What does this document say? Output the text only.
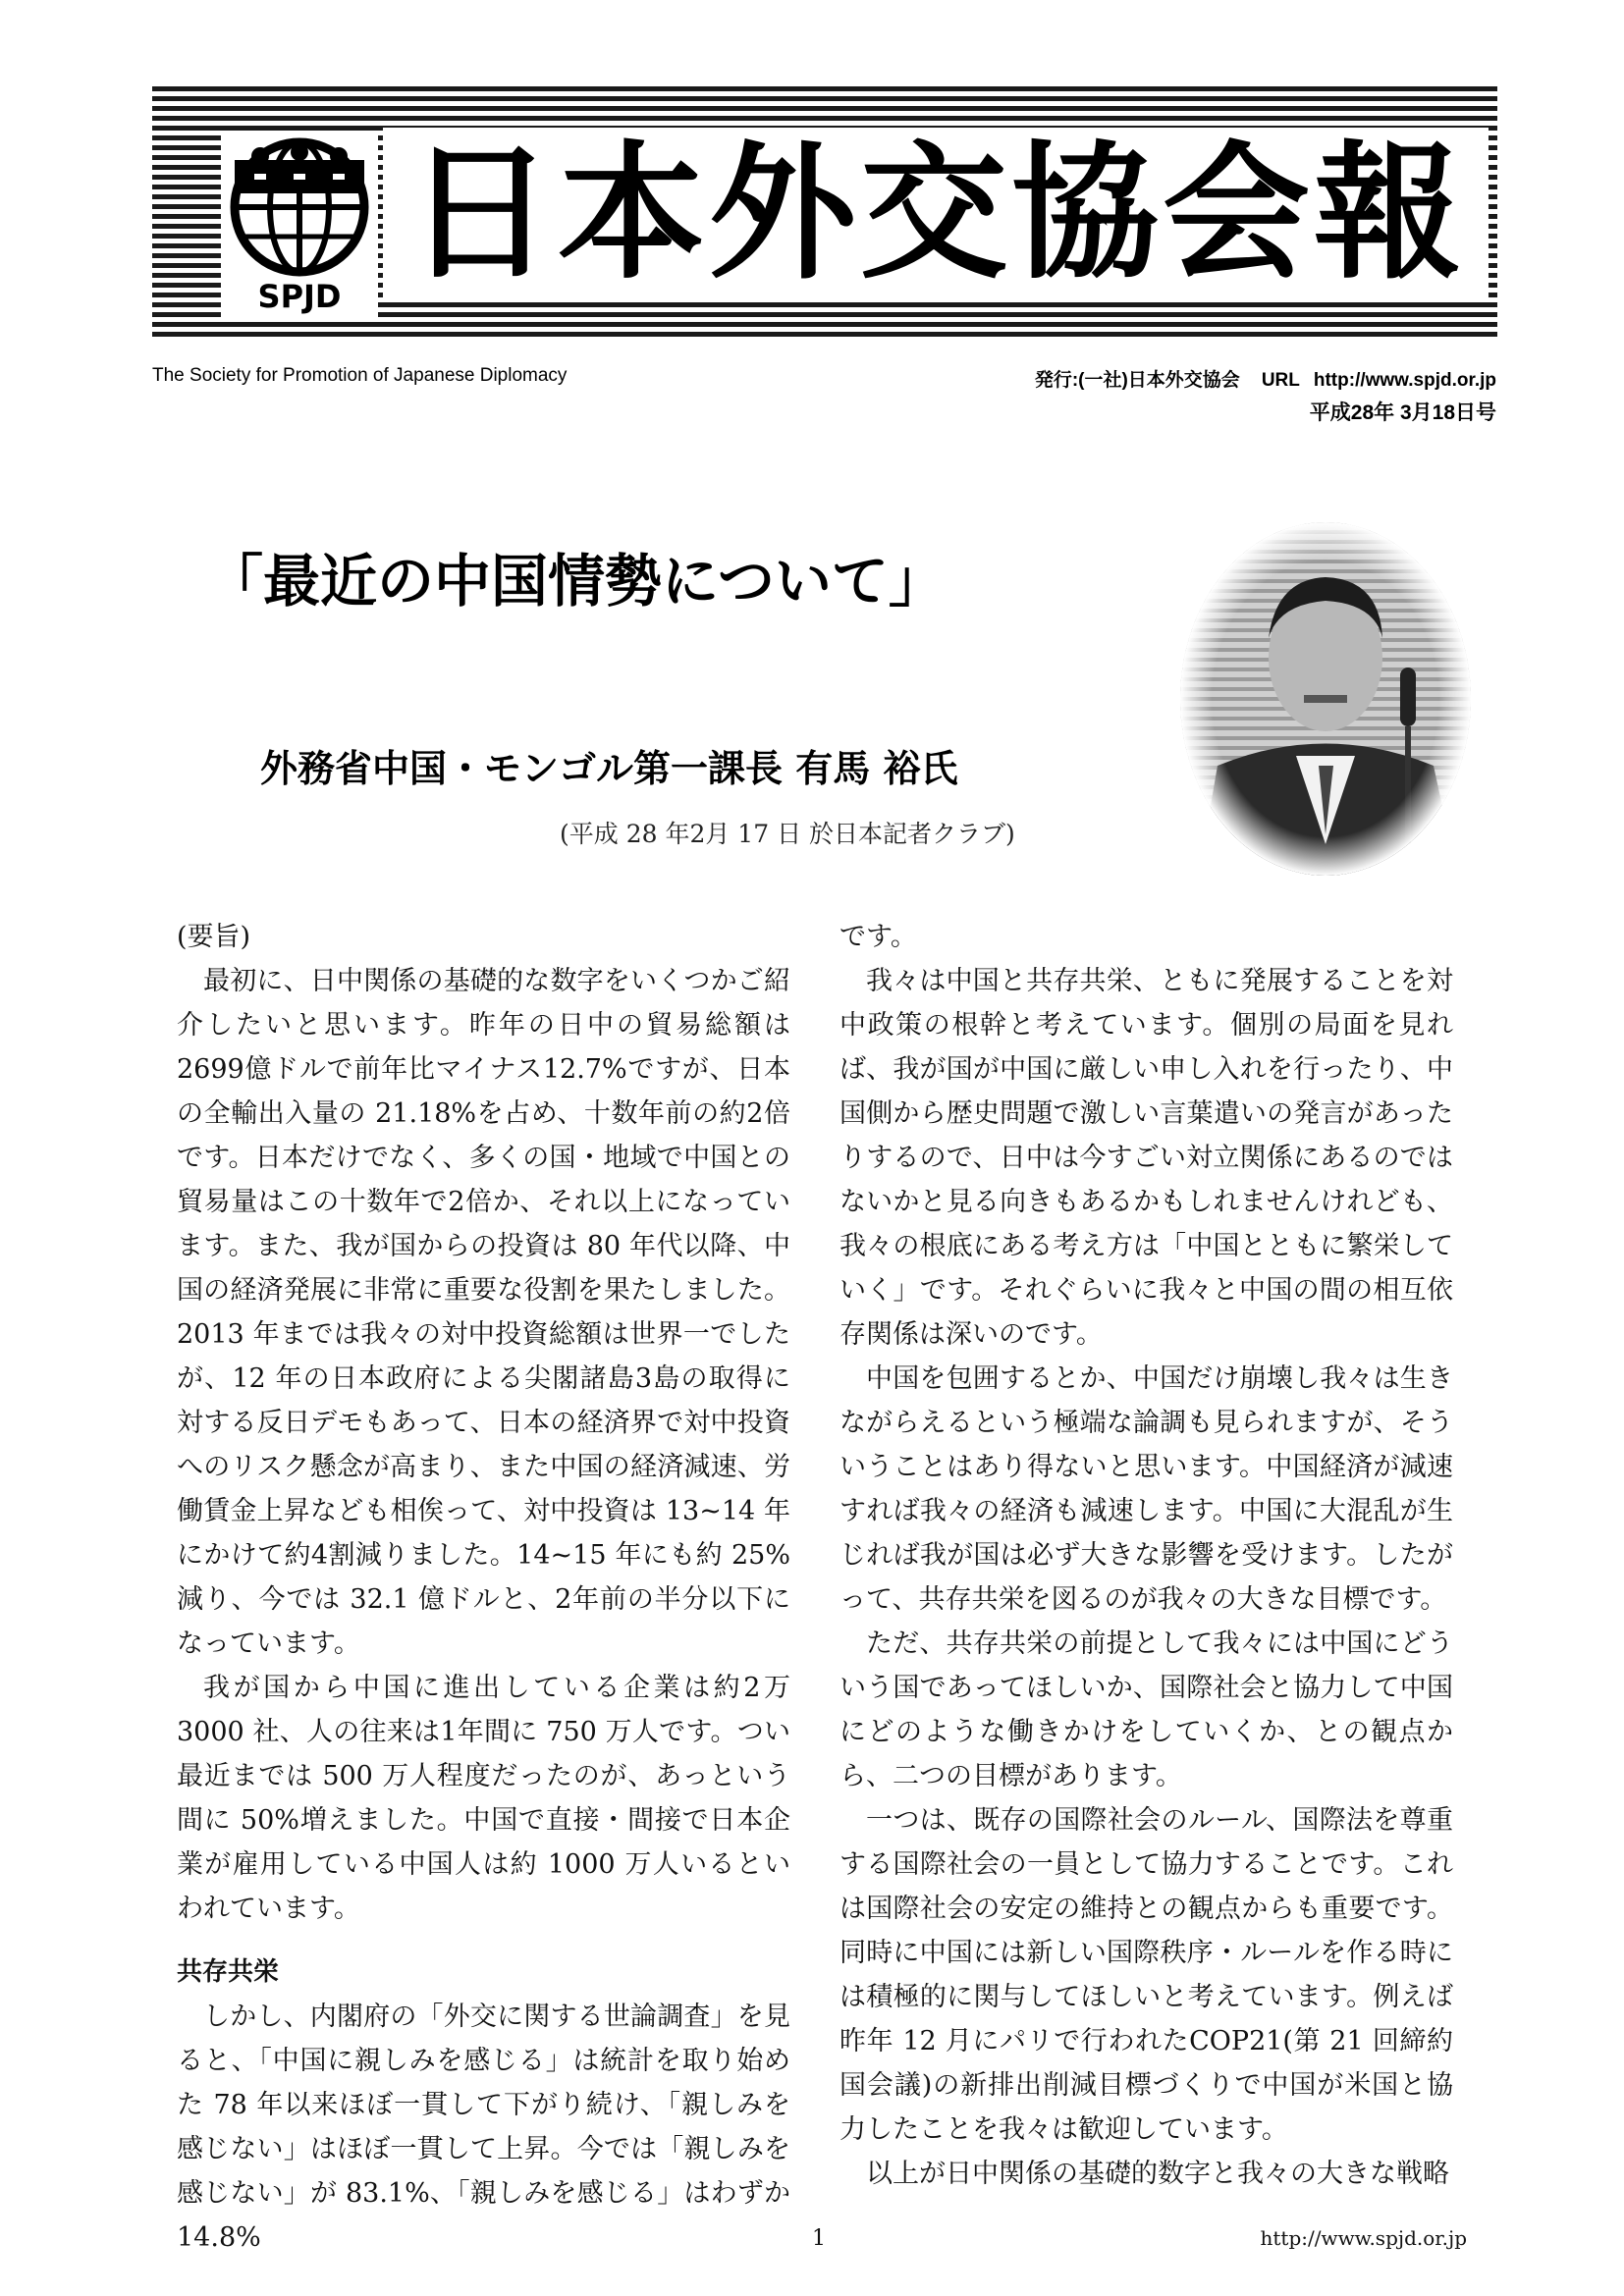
SPJD 日本外交協会報
The Society for Promotion of Japanese Diplomacy	発行:(一社)日本外交協会 URL http://www.spjd.or.jp
平成28年 3月18日号
「最近の中国情勢について」
外務省中国・モンゴル第一課長 有馬 裕氏
(平成 28 年2月 17 日 於日本記者クラブ)

(要旨)

最初に、日中関係の基礎的な数字をいくつかご紹介したいと思います。昨年の日中の貿易総額は2699億ドルで前年比マイナス12.7%ですが、日本の全輸出入量の 21.18%を占め、十数年前の約2倍です。日本だけでなく、多くの国・地域で中国との貿易量はこの十数年で2倍か、それ以上になっています。また、我が国からの投資は 80 年代以降、中国の経済発展に非常に重要な役割を果たしました。2013 年までは我々の対中投資総額は世界一でしたが、12 年の日本政府による尖閣諸島3島の取得に対する反日デモもあって、日本の経済界で対中投資へのリスク懸念が高まり、また中国の経済減速、労働賃金上昇なども相俟って、対中投資は 13~14 年にかけて約4割減りました。14~15 年にも約 25%減り、今では 32.1 億ドルと、2年前の半分以下になっています。

我が国から中国に進出している企業は約2万 3000 社、人の往来は1年間に 750 万人です。つい最近までは 500 万人程度だったのが、あっという間に 50%増えました。中国で直接・間接で日本企業が雇用している中国人は約 1000 万人いるといわれています。

共存共栄

しかし、内閣府の「外交に関する世論調査」を見ると、「中国に親しみを感じる」は統計を取り始めた 78 年以来ほぼ一貫して下がり続け、「親しみを感じない」はほぼ一貫して上昇。今では「親しみを感じない」が 83.1%、「親しみを感じる」はわずか 14.8%

です。

我々は中国と共存共栄、ともに発展することを対中政策の根幹と考えています。個別の局面を見れば、我が国が中国に厳しい申し入れを行ったり、中国側から歴史問題で激しい言葉遣いの発言があったりするので、日中は今すごい対立関係にあるのではないかと見る向きもあるかもしれませんけれども、我々の根底にある考え方は「中国とともに繁栄していく」です。それぐらいに我々と中国の間の相互依存関係は深いのです。

中国を包囲するとか、中国だけ崩壊し我々は生きながらえるという極端な論調も見られますが、そういうことはあり得ないと思います。中国経済が減速すれば我々の経済も減速します。中国に大混乱が生じれば我が国は必ず大きな影響を受けます。したがって、共存共栄を図るのが我々の大きな目標です。

ただ、共存共栄の前提として我々には中国にどういう国であってほしいか、国際社会と協力して中国にどのような働きかけをしていくか、との観点から、二つの目標があります。

一つは、既存の国際社会のルール、国際法を尊重する国際社会の一員として協力することです。これは国際社会の安定の維持との観点からも重要です。同時に中国には新しい国際秩序・ルールを作る時には積極的に関与してほしいと考えています。例えば昨年 12 月にパリで行われたCOP21(第 21 回締約国会議)の新排出削減目標づくりで中国が米国と協力したことを我々は歓迎しています。

以上が日中関係の基礎的数字と我々の大きな戦略

1	http://www.spjd.or.jp
